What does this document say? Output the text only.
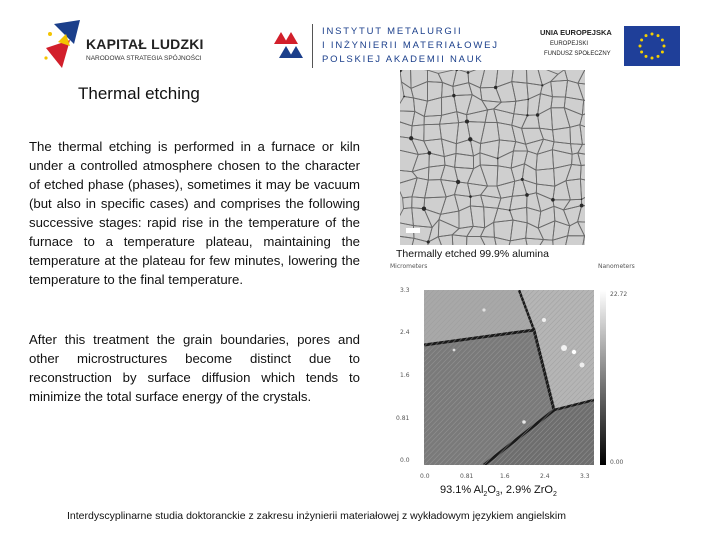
KAPITAŁ LUDZKI
NARODOWA STRATEGIA SPÓJNOŚCI
INSTYTUT METALURGII
I INŻYNIERII MATERIAŁOWEJ
POLSKIEJ AKADEMII NAUK
UNIA EUROPEJSKA
EUROPEJSKI
FUNDUSZ SPOŁECZNY
Thermal etching
The thermal etching is performed in a furnace or kiln under a controlled atmosphere chosen to the character of etched phase (phases), sometimes it may be vacuum (but also in specific cases) and comprises the following successive stages: rapid rise in the temperature of the furnace to a temperature plateau, maintaining the temperature at the plateau for few minutes, lowering the temperature to the final temperature.
After this treatment the grain boundaries, pores and other microstructures become distinct due to reconstruction by surface diffusion which tends to minimize the total surface energy of the crystals.
Thermally etched 99.9% alumina
Micrometers	Nanometers
3.3
2.4
1.6
0.81
0.0
0.0	0.81	1.6	2.4	3.3
22.72
0.00
93.1% $Al_2O_3$, 2.9% ZrO$_2$
Interdyscyplinarne studia doktoranckie z zakresu inżynierii materiałowej z wykładowym językiem angielskim
